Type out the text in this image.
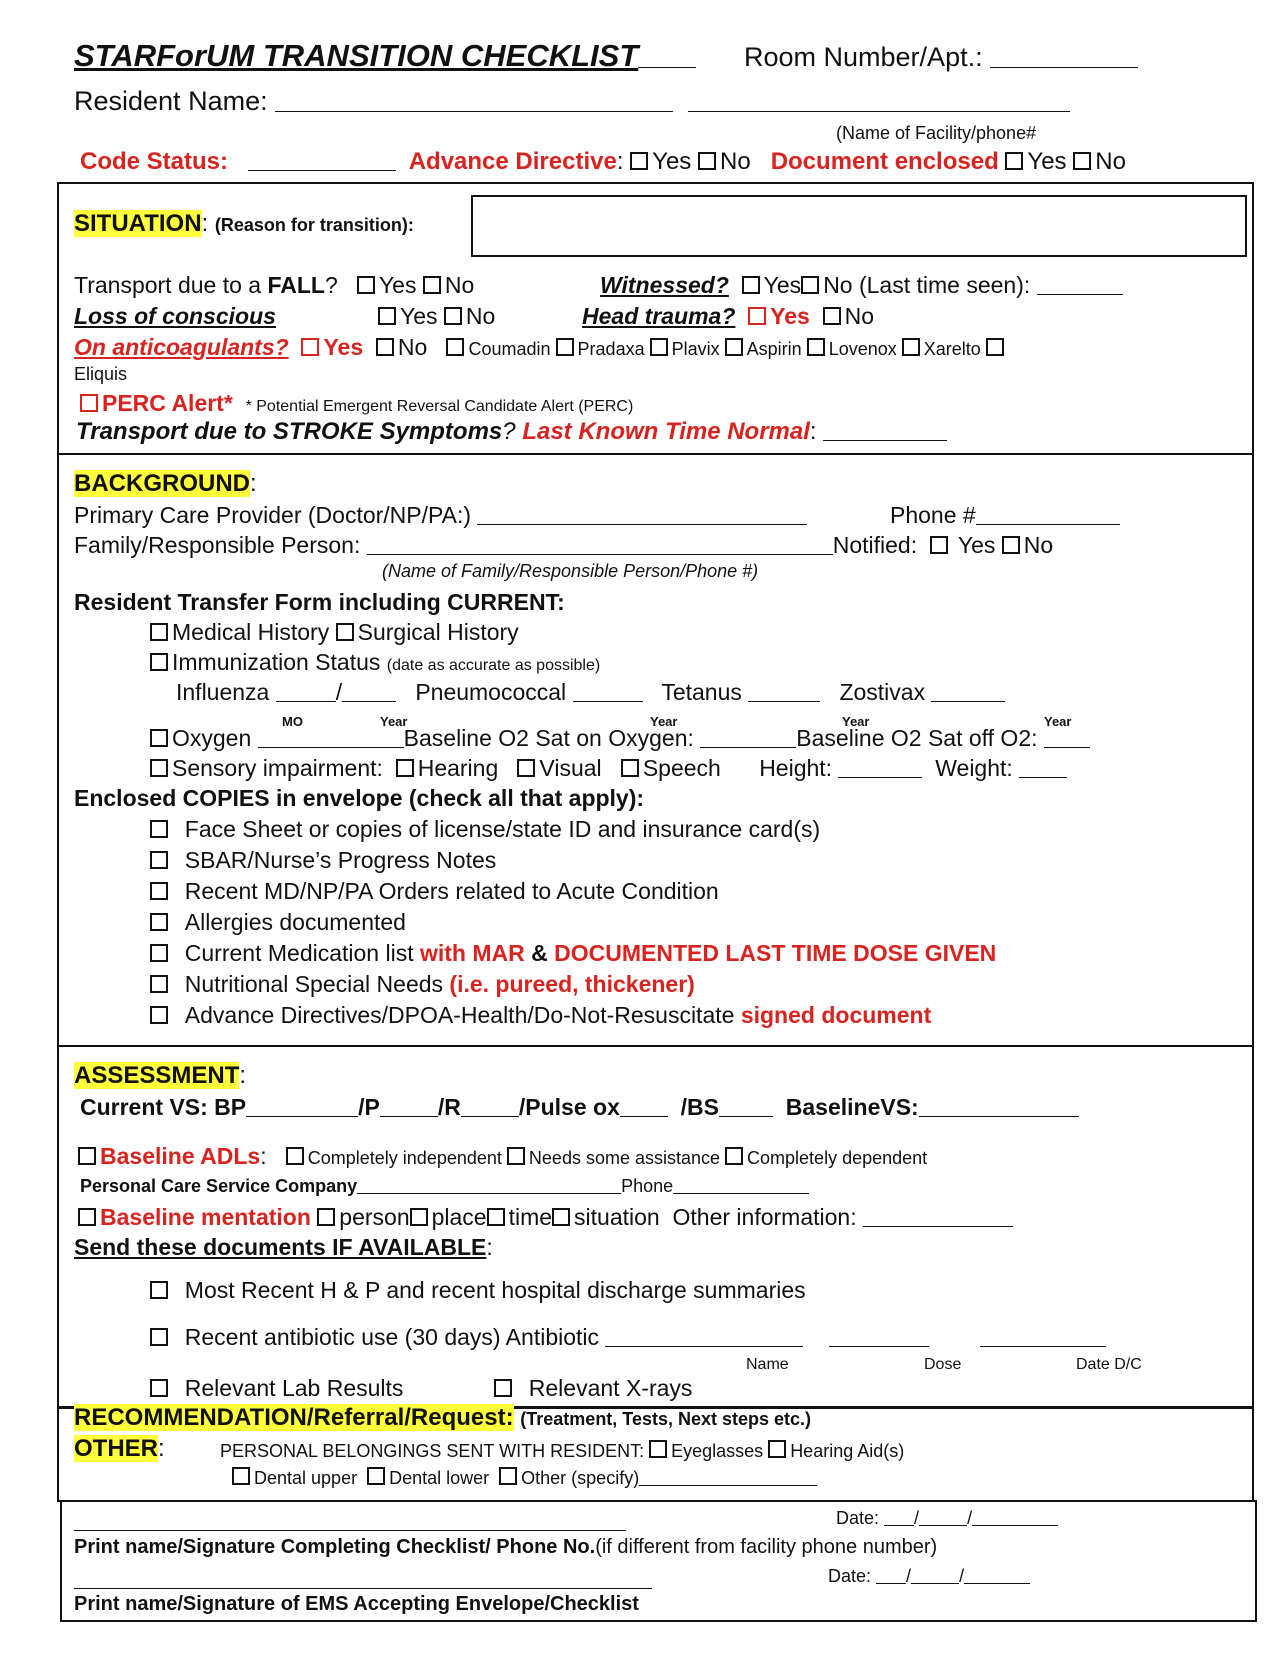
STARForUM TRANSITION CHECKLIST	Room Number/Apt.:
Resident Name:
(Name of Facility/phone#
Code Status:	Advance Directive: Yes No Document enclosed Yes No
SITUATION: (Reason for transition):
Transport due to a FALL?   Yes No	Witnessed? Yes No (Last time seen):
Loss of conscious	Yes No	Head trauma? Yes No
On anticoagulants? Yes No Coumadin Pradaxa Plavix Aspirin Lovenox Xarelto
Eliquis
PERC Alert* * Potential Emergent Reversal Candidate Alert (PERC)
Transport due to STROKE Symptoms? Last Known Time Normal:
BACKGROUND:
Primary Care Provider (Doctor/NP/PA:)	Phone #
Family/Responsible Person:	Notified: Yes No
(Name of Family/Responsible Person/Phone #)
Resident Transfer Form including CURRENT:
Medical History Surgical History
Immunization Status (date as accurate as possible)
Influenza	/	Pneumococcal	Tetanus	Zostivax
MO	Year	Year	Year	Year
Oxygen	Baseline O2 Sat on Oxygen:	Baseline O2 Sat off O2:
Sensory impairment: Hearing Visual Speech Height:	Weight:
Enclosed COPIES in envelope (check all that apply):
Face Sheet or copies of license/state ID and insurance card(s)
SBAR/Nurse’s Progress Notes
Recent MD/NP/PA Orders related to Acute Condition
Allergies documented
Current Medication list with MAR & DOCUMENTED LAST TIME DOSE GIVEN
Nutritional Special Needs (i.e. pureed, thickener)
Advance Directives/DPOA-Health/Do-Not-Resuscitate signed document
ASSESSMENT:
Current VS: BP	/P	/R	/Pulse ox	/BS	BaselineVS:
Baseline ADLs:   Completely independent Needs some assistance Completely dependent
Personal Care Service Company	Phone
Baseline mentation person place time situation Other information:
Send these documents IF AVAILABLE:
Most Recent H & P and recent hospital discharge summaries
Recent antibiotic use (30 days) Antibiotic
Name	Dose	Date D/C
Relevant Lab Results	Relevant X-rays
RECOMMENDATION/Referral/Request: (Treatment, Tests, Next steps etc.)
OTHER:	PERSONAL BELONGINGS SENT WITH RESIDENT: Eyeglasses Hearing Aid(s)
Dental upper Dental lower Other (specify)
Date: /	/
Print name/Signature Completing Checklist/ Phone No.(if different from facility phone number)
Date: /	/
Print name/Signature of EMS Accepting Envelope/Checklist
